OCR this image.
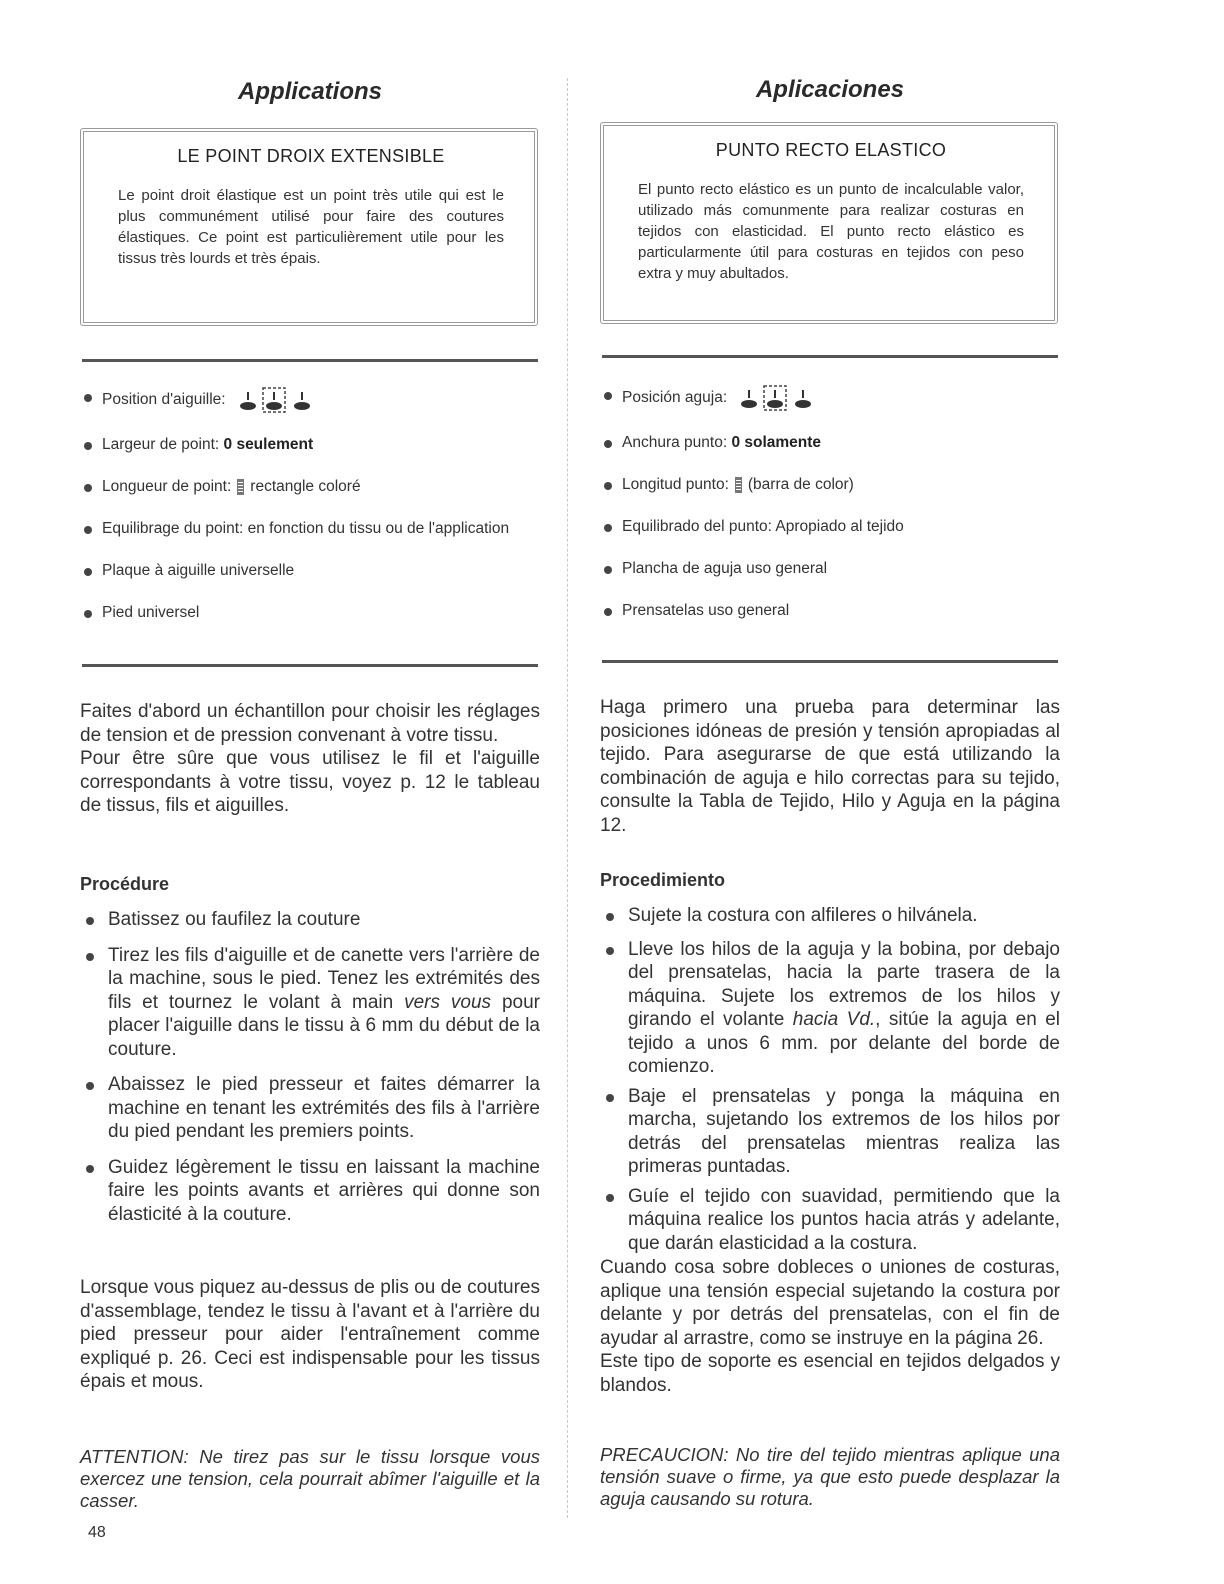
Applications
LE POINT DROIX EXTENSIBLE
Le point droit élastique est un point très utile qui est le plus communément utilisé pour faire des coutures élastiques. Ce point est particulièrement utile pour les tissus très lourds et très épais.
Position d'aiguille:
Largeur de point: 0 seulement
Longueur de point: rectangle coloré
Equilibrage du point: en fonction du tissu ou de l'application
Plaque à aiguille universelle
Pied universel

Faites d'abord un échantillon pour choisir les réglages de tension et de pression convenant à votre tissu.

Pour être sûre que vous utilisez le fil et l'aiguille correspondants à votre tissu, voyez p. 12 le tableau de tissus, fils et aiguilles.

Procédure
Batissez ou faufilez la couture
Tirez les fils d'aiguille et de canette vers l'arrière de la machine, sous le pied. Tenez les extrémités des fils et tournez le volant à main vers vous pour placer l'aiguille dans le tissu à 6 mm du début de la couture.
Abaissez le pied presseur et faites démarrer la machine en tenant les extrémités des fils à l'arrière du pied pendant les premiers points.
Guidez légèrement le tissu en laissant la machine faire les points avants et arrières qui donne son élasticité à la couture.
Lorsque vous piquez au-dessus de plis ou de coutures d'assemblage, tendez le tissu à l'avant et à l'arrière du pied presseur pour aider l'entraînement comme expliqué p. 26. Ceci est indispensable pour les tissus épais et mous.
ATTENTION: Ne tirez pas sur le tissu lorsque vous exercez une tension, cela pourrait abîmer l'aiguille et la casser.
Aplicaciones
PUNTO RECTO ELASTICO
El punto recto elástico es un punto de incalculable valor, utilizado más comunmente para realizar costuras en tejidos con elasticidad. El punto recto elástico es particularmente útil para costuras en tejidos con peso extra y muy abultados.
Posición aguja:
Anchura punto: 0 solamente
Longitud punto: (barra de color)
Equilibrado del punto: Apropiado al tejido
Plancha de aguja uso general
Prensatelas uso general
Haga primero una prueba para determinar las posiciones idóneas de presión y tensión apropiadas al tejido. Para asegurarse de que está utilizando la combinación de aguja e hilo correctas para su tejido, consulte la Tabla de Tejido, Hilo y Aguja en la página 12.
Procedimiento
Sujete la costura con alfileres o hilvánela.
Lleve los hilos de la aguja y la bobina, por debajo del prensatelas, hacia la parte trasera de la máquina. Sujete los extremos de los hilos y girando el volante hacia Vd., sitúe la aguja en el tejido a unos 6 mm. por delante del borde de comienzo.
Baje el prensatelas y ponga la máquina en marcha, sujetando los extremos de los hilos por detrás del prensatelas mientras realiza las primeras puntadas.
Guíe el tejido con suavidad, permitiendo que la máquina realice los puntos hacia atrás y adelante, que darán elasticidad a la costura.

Cuando cosa sobre dobleces o uniones de costuras, aplique una tensión especial sujetando la costura por delante y por detrás del prensatelas, con el fin de ayudar al arrastre, como se instruye en la página 26.

Este tipo de soporte es esencial en tejidos delgados y blandos.

PRECAUCION: No tire del tejido mientras aplique una tensión suave o firme, ya que esto puede desplazar la aguja causando su rotura.
48
